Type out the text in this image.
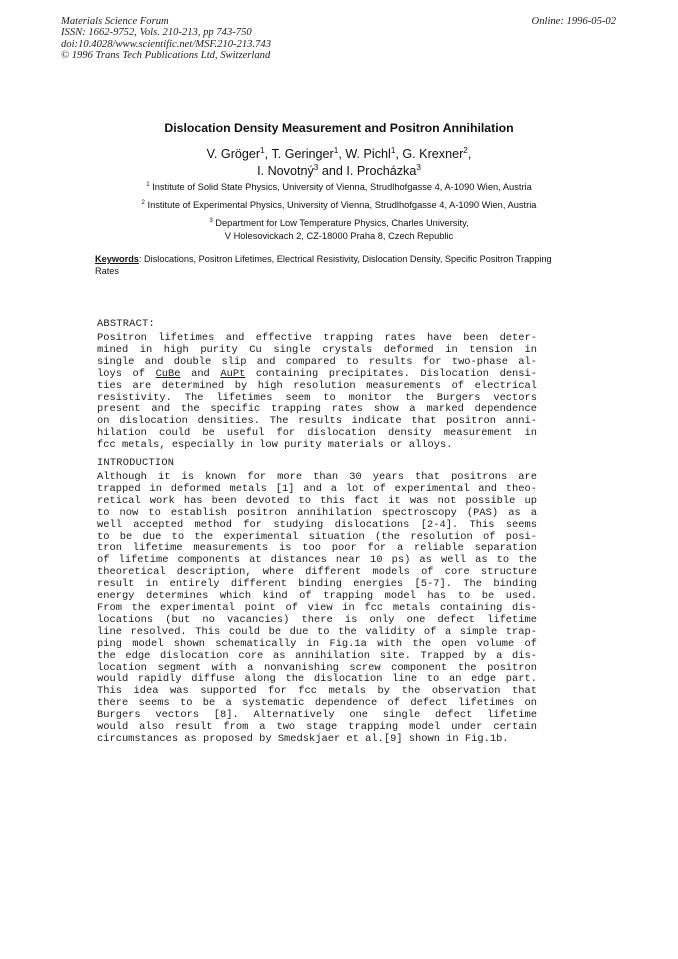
Materials Science Forum
ISSN: 1662-9752, Vols. 210-213, pp 743-750
doi:10.4028/www.scientific.net/MSF.210-213.743
© 1996 Trans Tech Publications Ltd, Switzerland
Online: 1996-05-02
Dislocation Density Measurement and Positron Annihilation
V. Gröger$^1$, T. Geringer$^1$, W. Pichl$^1$, G. Krexner$^2$,
I. Novotný$^3$ and I. Procházka$^3$
$^1$ Institute of Solid State Physics, University of Vienna, Strudlhofgasse 4, A-1090 Wien, Austria
$^2$ Institute of Experimental Physics, University of Vienna, Strudlhofgasse 4, A-1090 Wien, Austria
$^3$ Department for Low Temperature Physics, Charles University,
V Holesovickach 2, CZ-18000 Praha 8, Czech Republic
Keywords: Dislocations, Positron Lifetimes, Electrical Resistivity, Dislocation Density, Specific Positron Trapping Rates
ABSTRACT:
Positron lifetimes and effective trapping rates have been deter-
mined in high purity Cu single crystals deformed in tension in
single and double slip and compared to results for two-phase al-
loys of CuBe and AuPt containing precipitates. Dislocation densi-
ties are determined by high resolution measurements of electrical
resistivity. The lifetimes seem to monitor the Burgers vectors
present and the specific trapping rates show a marked dependence
on dislocation densities. The results indicate that positron anni-
hilation could be useful for dislocation density measurement in
fcc metals, especially in low purity materials or alloys.
INTRODUCTION
Although it is known for more than 30 years that positrons are
trapped in deformed metals [1] and a lot of experimental and theo-
retical work has been devoted to this fact it was not possible up
to now to establish positron annihilation spectroscopy (PAS) as a
well accepted method for studying dislocations [2-4]. This seems
to be due to the experimental situation (the resolution of posi-
tron lifetime measurements is too poor for a reliable separation
of lifetime components at distances near 10 ps) as well as to the
theoretical description, where different models of core structure
result in entirely different binding energies [5-7]. The binding
energy determines which kind of trapping model has to be used.
From the experimental point of view in fcc metals containing dis-
locations (but no vacancies) there is only one defect lifetime
line resolved. This could be due to the validity of a simple trap-
ping model shown schematically in Fig.1a with the open volume of
the edge dislocation core as annihilation site. Trapped by a dis-
location segment with a nonvanishing screw component the positron
would rapidly diffuse along the dislocation line to an edge part.
This idea was supported for fcc metals by the observation that
there seems to be a systematic dependence of defect lifetimes on
Burgers vectors [8]. Alternatively one single defect lifetime
would also result from a two stage trapping model under certain
circumstances as proposed by Smedskjaer et al.[9] shown in Fig.1b.
